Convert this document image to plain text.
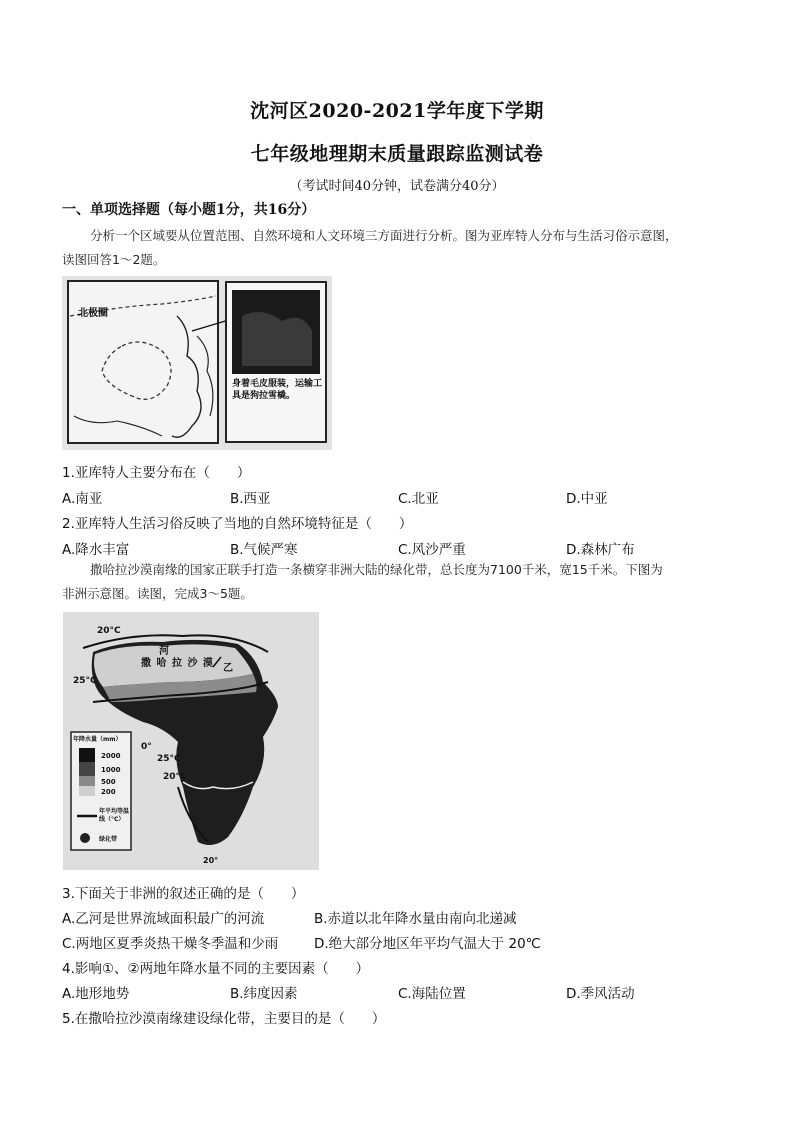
沈河区2020-2021学年度下学期
七年级地理期末质量跟踪监测试卷
（考试时间40分钟，试卷满分40分）
一、单项选择题（每小题1分，共16分）
分析一个区域要从位置范围、自然环境和人文环境三方面进行分析。图为亚库特人分布与生活习俗示意图，
读图回答1～2题。
北极圈
身着毛皮服装，运输工具是狗拉雪橇。
1.亚库特人主要分布在（　　）
A.南亚	B.西亚	C.北亚	D.中亚
2.亚库特人生活习俗反映了当地的自然环境特征是（　　）
A.降水丰富	B.气候严寒	C.风沙严重	D.森林广布
撒哈拉沙漠南缘的国家正联手打造一条横穿非洲大陆的绿化带，总长度为7100千米，宽15千米。下图为
非洲示意图。读图，完成3～5题。
20°C
25°C
河
撒 哈 拉 沙 漠 乙
0°
25°C
20°C
20°
年降水量（mm）
2000
1000
500
200
年平均等温线（°C）
绿化带
3.下面关于非洲的叙述正确的是（　　）
A.乙河是世界流域面积最广的河流	B.赤道以北年降水量由南向北递减
C.两地区夏季炎热干燥冬季温和少雨	D.绝大部分地区年平均气温大于 20℃
4.影响①、②两地年降水量不同的主要因素（　　）
A.地形地势	B.纬度因素	C.海陆位置	D.季风活动
5.在撒哈拉沙漠南缘建设绿化带，主要目的是（　　）
